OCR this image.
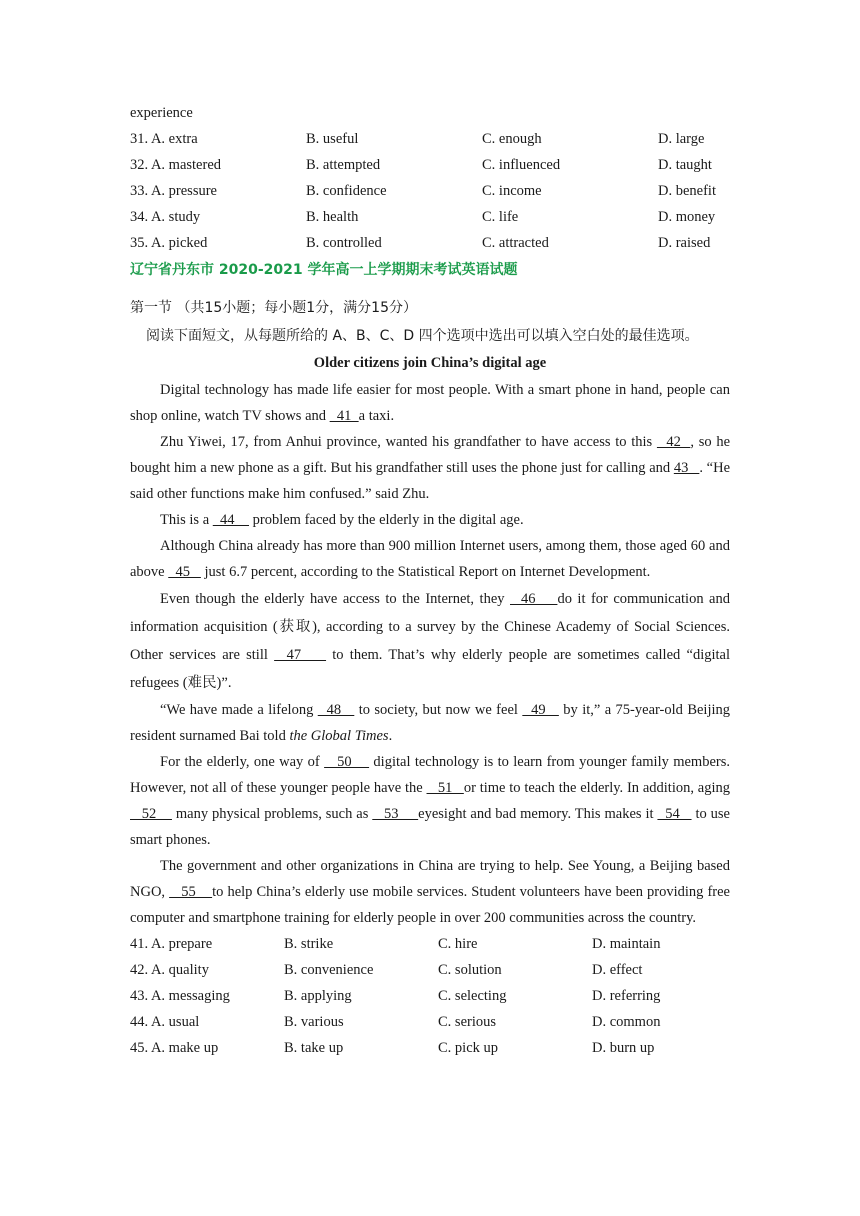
experience
31. A. extra	B. useful	C. enough	D. large
32. A. mastered	B. attempted	C. influenced	D. taught
33. A. pressure	B. confidence	C. income	D. benefit
34. A. study	B. health	C. life	D. money
35. A. picked	B. controlled	C. attracted	D. raised
辽宁省丹东市 2020-2021 学年高一上学期期末考试英语试题
第一节 （共15小题；每小题1分，满分15分）
阅读下面短文，从每题所给的 A、B、C、D 四个选项中选出可以填入空白处的最佳选项。
Older citizens join China’s digital age

Digital technology has made life easier for most people. With a smart phone in hand, people can shop online, watch TV shows and   41  a taxi.

Zhu Yiwei, 17, from Anhui province, wanted his grandfather to have access to this   42  , so he bought him a new phone as a gift. But his grandfather still uses the phone just for calling and 43   . “He said other functions make him confused.” said Zhu.

This is a   44     problem faced by the elderly in the digital age.

Although China already has more than 900 million Internet users, among them, those aged 60 and above   45    just 6.7 percent, according to the Statistical Report on Internet Development.

Even though the elderly have access to the Internet, they   46    do it for communication and information acquisition (获取), according to a survey by the Chinese Academy of Social Sciences. Other services are still   47     to them. That’s why elderly people are sometimes called “digital refugees (难民)”.

“We have made a lifelong   48    to society, but now we feel   49    by it,” a 75-year-old Beijing resident surnamed Bai told the Global Times.

For the elderly, one way of    50     digital technology is to learn from younger family members. However, not all of these younger people have the    51   or time to teach the elderly. In addition, aging    52     many physical problems, such as    53     eyesight and bad memory. This makes it   54    to use smart phones.

The government and other organizations in China are trying to help. See Young, a Beijing based NGO,    55    to help China’s elderly use mobile services. Student volunteers have been providing free computer and smartphone training for elderly people in over 200 communities across the country.

41. A. prepare	B. strike	C. hire	D. maintain
42. A. quality	B. convenience	C. solution	D. effect
43. A. messaging	B. applying	C. selecting	D. referring
44. A. usual	B. various	C. serious	D. common
45. A. make up	B. take up	C. pick up	D. burn up
